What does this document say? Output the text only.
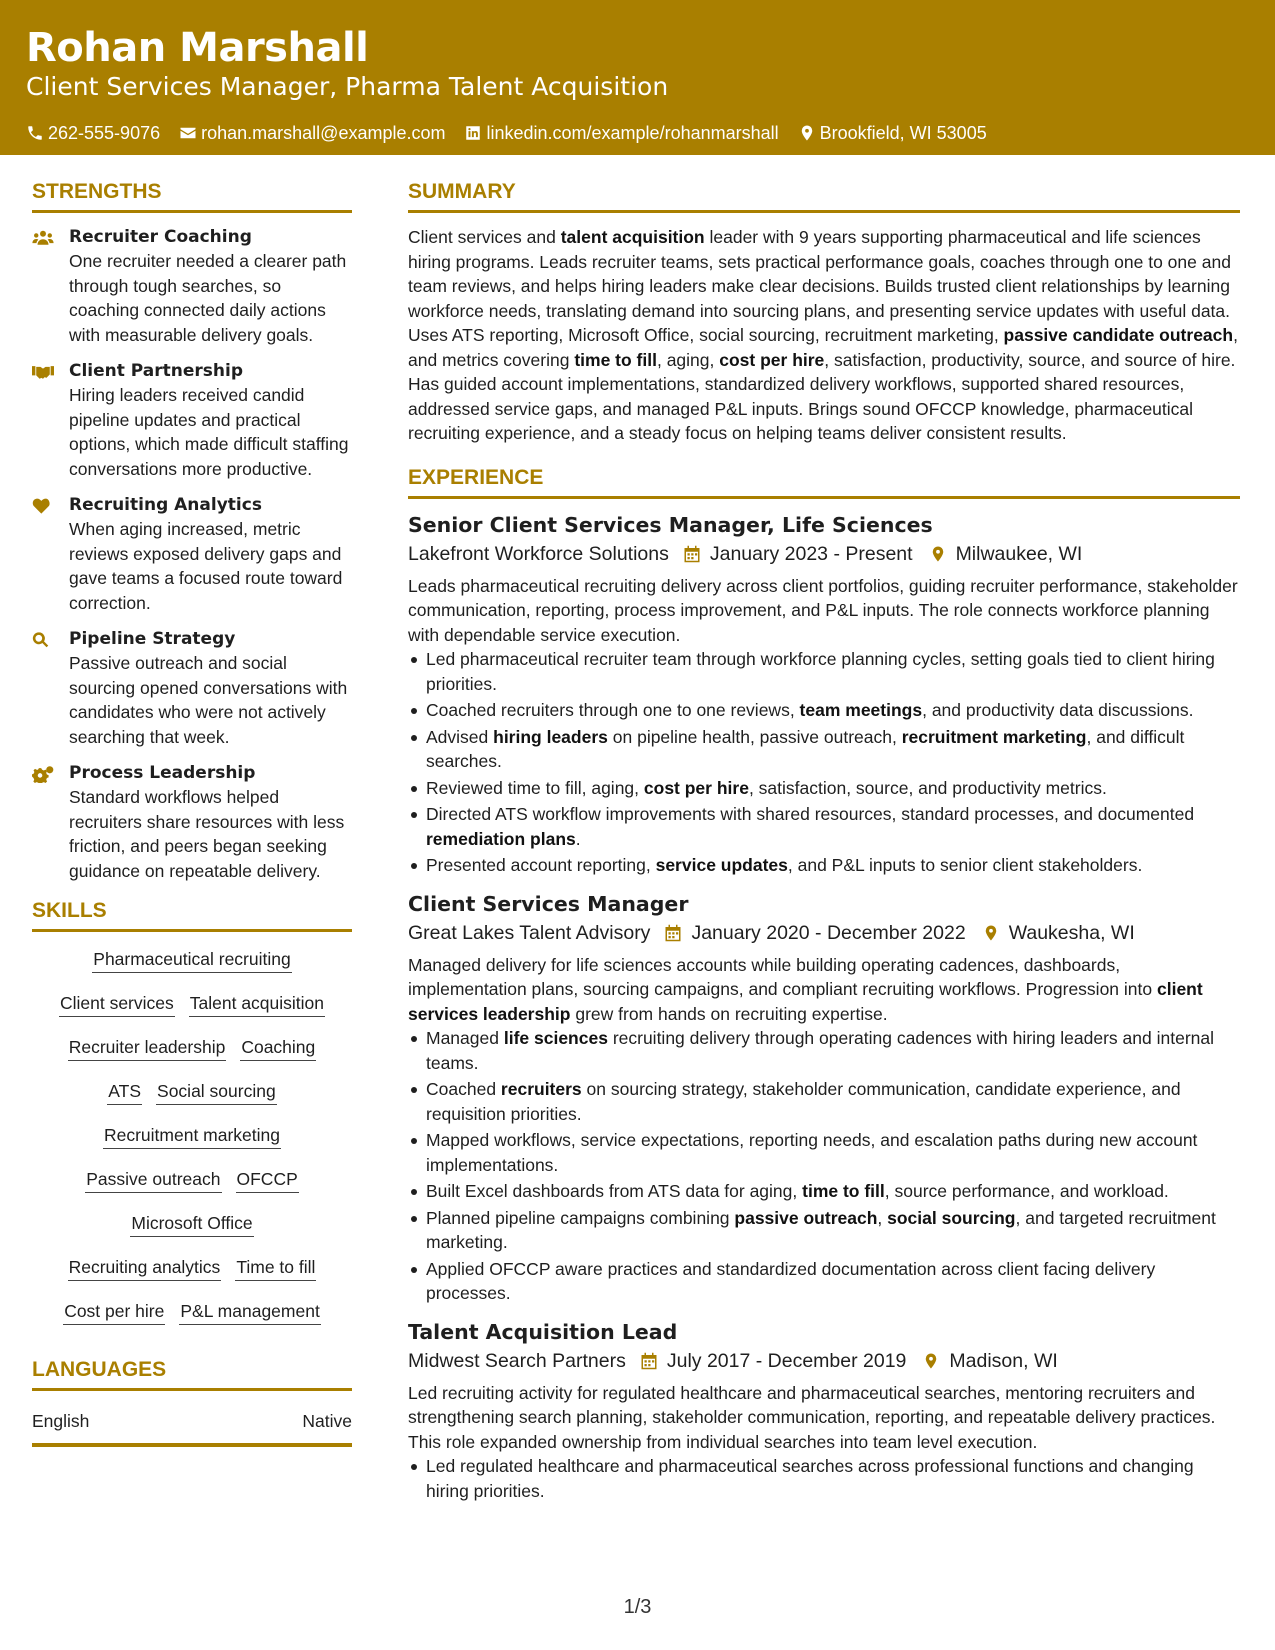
Rohan Marshall
Client Services Manager, Pharma Talent Acquisition
262-555-9076 rohan.marshall@example.com linkedin.com/example/rohanmarshall Brookfield, WI 53005
STRENGTHS
Recruiter Coaching
One recruiter needed a clearer path through tough searches, so coaching connected daily actions with measurable delivery goals.
Client Partnership
Hiring leaders received candid pipeline updates and practical options, which made difficult staffing conversations more productive.
Recruiting Analytics
When aging increased, metric reviews exposed delivery gaps and gave teams a focused route toward correction.
Pipeline Strategy
Passive outreach and social sourcing opened conversations with candidates who were not actively searching that week.
Process Leadership
Standard workflows helped recruiters share resources with less friction, and peers began seeking guidance on repeatable delivery.
SKILLS
Pharmaceutical recruiting
Client services Talent acquisition
Recruiter leadership Coaching
ATS Social sourcing
Recruitment marketing
Passive outreach OFCCP
Microsoft Office
Recruiting analytics Time to fill
Cost per hire P&L management
LANGUAGES
English	Native
SUMMARY
Client services and talent acquisition leader with 9 years supporting pharmaceutical and life sciences hiring programs. Leads recruiter teams, sets practical performance goals, coaches through one to one and team reviews, and helps hiring leaders make clear decisions. Builds trusted client relationships by learning workforce needs, translating demand into sourcing plans, and presenting service updates with useful data. Uses ATS reporting, Microsoft Office, social sourcing, recruitment marketing, passive candidate outreach, and metrics covering time to fill, aging, cost per hire, satisfaction, productivity, source, and source of hire. Has guided account implementations, standardized delivery workflows, supported shared resources, addressed service gaps, and managed P&L inputs. Brings sound OFCCP knowledge, pharmaceutical recruiting experience, and a steady focus on helping teams deliver consistent results.
EXPERIENCE
Senior Client Services Manager, Life Sciences
Lakefront Workforce Solutions January 2023 - Present Milwaukee, WI
Leads pharmaceutical recruiting delivery across client portfolios, guiding recruiter performance, stakeholder communication, reporting, process improvement, and P&L inputs. The role connects workforce planning with dependable service execution.
Led pharmaceutical recruiter team through workforce planning cycles, setting goals tied to client hiring priorities.
Coached recruiters through one to one reviews, team meetings, and productivity data discussions.
Advised hiring leaders on pipeline health, passive outreach, recruitment marketing, and difficult searches.
Reviewed time to fill, aging, cost per hire, satisfaction, source, and productivity metrics.
Directed ATS workflow improvements with shared resources, standard processes, and documented remediation plans.
Presented account reporting, service updates, and P&L inputs to senior client stakeholders.
Client Services Manager
Great Lakes Talent Advisory January 2020 - December 2022 Waukesha, WI
Managed delivery for life sciences accounts while building operating cadences, dashboards, implementation plans, sourcing campaigns, and compliant recruiting workflows. Progression into client services leadership grew from hands on recruiting expertise.
Managed life sciences recruiting delivery through operating cadences with hiring leaders and internal teams.
Coached recruiters on sourcing strategy, stakeholder communication, candidate experience, and requisition priorities.
Mapped workflows, service expectations, reporting needs, and escalation paths during new account implementations.
Built Excel dashboards from ATS data for aging, time to fill, source performance, and workload.
Planned pipeline campaigns combining passive outreach, social sourcing, and targeted recruitment marketing.
Applied OFCCP aware practices and standardized documentation across client facing delivery processes.
Talent Acquisition Lead
Midwest Search Partners July 2017 - December 2019 Madison, WI
Led recruiting activity for regulated healthcare and pharmaceutical searches, mentoring recruiters and strengthening search planning, stakeholder communication, reporting, and repeatable delivery practices. This role expanded ownership from individual searches into team level execution.
Led regulated healthcare and pharmaceutical searches across professional functions and changing hiring priorities.
1/3
